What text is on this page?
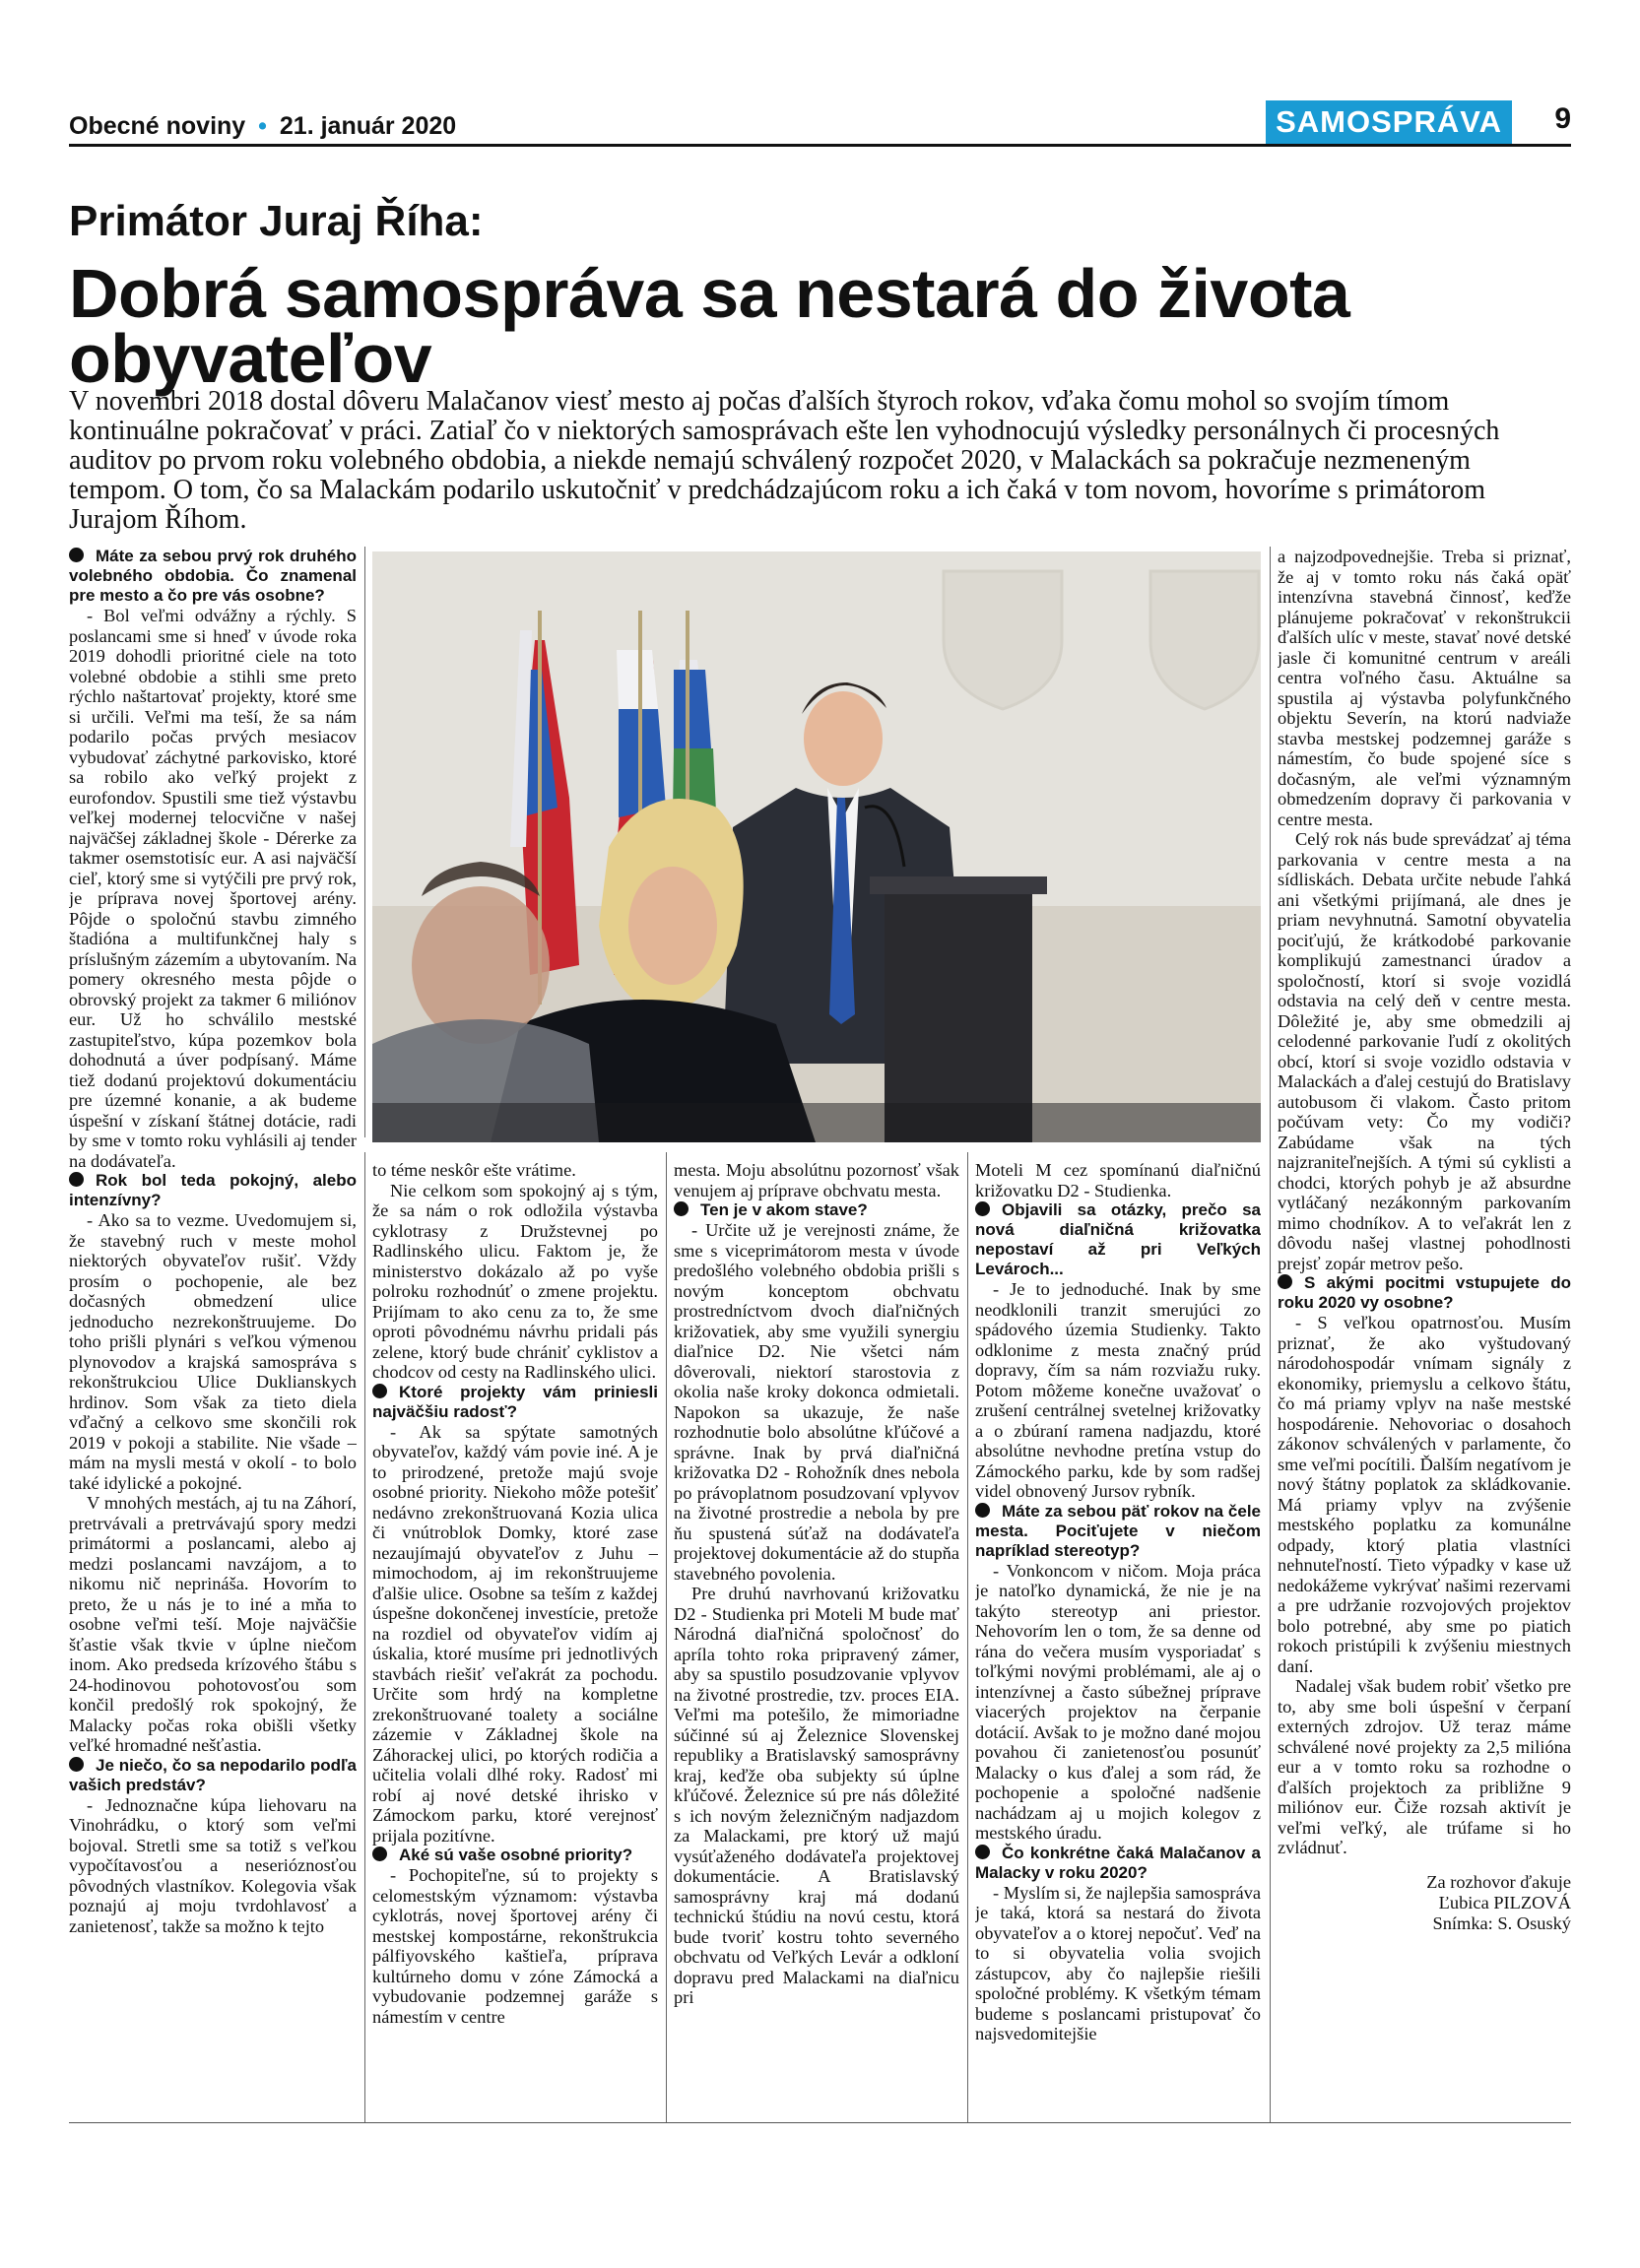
Obecné noviny • 21. január 2020	SAMOSPRÁVA	9
Primátor Juraj Říha:
Dobrá samospráva sa nestará do života obyvateľov

V novembri 2018 dostal dôveru Malačanov viesť mesto aj počas ďalších štyroch rokov, vďaka čomu mohol so svojím tímom kontinuálne pokračovať v práci. Zatiaľ čo v niektorých samosprávach ešte len vyhodnocujú výsledky personálnych či procesných auditov po prvom roku volebného obdobia, a niekde nemajú schválený rozpočet 2020, v Malackách sa pokračuje nezmeneným tempom. O tom, čo sa Malackám podarilo uskutočniť v predchádzajúcom roku a ich čaká v tom novom, hovoríme s primátorom Jurajom Říhom.

Máte za sebou prvý rok druhého volebného obdobia. Čo znamenal pre mesto a čo pre vás osobne?

- Bol veľmi odvážny a rýchly. S poslancami sme si hneď v úvode roka 2019 dohodli prioritné ciele na toto volebné obdobie a stihli sme preto rýchlo naštartovať projekty, ktoré sme si určili. Veľmi ma teší, že sa nám podarilo počas prvých mesiacov vybudovať záchytné parkovisko, ktoré sa robilo ako veľký projekt z eurofondov. Spustili sme tiež výstavbu veľkej modernej telocvične v našej najväčšej základnej škole - Dérerke za takmer osemstotisíc eur. A asi najväčší cieľ, ktorý sme si vytýčili pre prvý rok, je príprava novej športovej arény. Pôjde o spoločnú stavbu zimného štadióna a multifunkčnej haly s príslušným zázemím a ubytovaním. Na pomery okresného mesta pôjde o obrovský projekt za takmer 6 miliónov eur. Už ho schválilo mestské zastupiteľstvo, kúpa pozemkov bola dohodnutá a úver podpísaný. Máme tiež dodanú projektovú dokumentáciu pre územné konanie, a ak budeme úspešní v získaní štátnej dotácie, radi by sme v tomto roku vyhlásili aj tender na dodávateľa.

Rok bol teda pokojný, alebo intenzívny?

- Ako sa to vezme. Uvedomujem si, že stavebný ruch v meste mohol niektorých obyvateľov rušiť. Vždy prosím o pochopenie, ale bez dočasných obmedzení ulice jednoducho nezrekonštruujeme. Do toho prišli plynári s veľkou výmenou plynovodov a krajská samospráva s rekonštrukciou Ulice Duklianskych hrdinov. Som však za tieto diela vďačný a celkovo sme skončili rok 2019 v pokoji a stabilite. Nie všade – mám na mysli mestá v okolí - to bolo také idylické a pokojné.

V mnohých mestách, aj tu na Záhorí, pretrvávali a pretrvávajú spory medzi primátormi a poslancami, alebo aj medzi poslancami navzájom, a to nikomu nič neprináša. Hovorím to preto, že u nás je to iné a mňa to osobne veľmi teší. Moje najväčšie šťastie však tkvie v úplne niečom inom. Ako predseda krízového štábu s 24-hodinovou pohotovosťou som končil predošlý rok spokojný, že Malacky počas roka obišli všetky veľké hromadné nešťastia.

Je niečo, čo sa nepodarilo podľa vašich predstáv?

- Jednoznačne kúpa liehovaru na Vinohrádku, o ktorý som veľmi bojoval. Stretli sme sa totiž s veľkou vypočítavosťou a neserióznosťou pôvodných vlastníkov. Kolegovia však poznajú aj moju tvrdohlavosť a zanietenosť, takže sa možno k tejto

to téme neskôr ešte vrátime.

Nie celkom som spokojný aj s tým, že sa nám o rok odložila výstavba cyklotrasy z Družstevnej po Radlinského ulicu. Faktom je, že ministerstvo dokázalo až po vyše polroku rozhodnúť o zmene projektu. Prijímam to ako cenu za to, že sme oproti pôvodnému návrhu pridali pás zelene, ktorý bude chrániť cyklistov a chodcov od cesty na Radlinského ulici.

Ktoré projekty vám priniesli najväčšiu radosť?

- Ak sa spýtate samotných obyvateľov, každý vám povie iné. A je to prirodzené, pretože majú svoje osobné priority. Niekoho môže potešiť nedávno zrekonštruovaná Kozia ulica či vnútroblok Domky, ktoré zase nezaujímajú obyvateľov z Juhu – mimochodom, aj im rekonštruujeme ďalšie ulice. Osobne sa teším z každej úspešne dokončenej investície, pretože na rozdiel od obyvateľov vidím aj úskalia, ktoré musíme pri jednotlivých stavbách riešiť veľakrát za pochodu. Určite som hrdý na kompletne zrekonštruované toalety a sociálne zázemie v Základnej škole na Záhorackej ulici, po ktorých rodičia a učitelia volali dlhé roky. Radosť mi robí aj nové detské ihrisko v Zámockom parku, ktoré verejnosť prijala pozitívne.

Aké sú vaše osobné priority?

- Pochopiteľne, sú to projekty s celomestským významom: výstavba cyklotrás, novej športovej arény či mestskej kompostárne, rekonštrukcia pálfiyovského kaštieľa, príprava kultúrneho domu v zóne Zámocká a vybudovanie podzemnej garáže s námestím v centre

mesta. Moju absolútnu pozornosť však venujem aj príprave obchvatu mesta.

Ten je v akom stave?

- Určite už je verejnosti známe, že sme s viceprimátorom mesta v úvode predošlého volebného obdobia prišli s novým konceptom obchvatu prostredníctvom dvoch diaľničných križovatiek, aby sme využili synergiu diaľnice D2. Nie všetci nám dôverovali, niektorí starostovia z okolia naše kroky dokonca odmietali. Napokon sa ukazuje, že naše rozhodnutie bolo absolútne kľúčové a správne. Inak by prvá diaľničná križovatka D2 - Rohožník dnes nebola po právoplatnom posudzovaní vplyvov na životné prostredie a nebola by pre ňu spustená súťaž na dodávateľa projektovej dokumentácie až do stupňa stavebného povolenia.

Pre druhú navrhovanú križovatku D2 - Studienka pri Moteli M bude mať Národná diaľničná spoločnosť do apríla tohto roka pripravený zámer, aby sa spustilo posudzovanie vplyvov na životné prostredie, tzv. proces EIA. Veľmi ma potešilo, že mimoriadne súčinné sú aj Železnice Slovenskej republiky a Bratislavský samosprávny kraj, keďže oba subjekty sú úplne kľúčové. Železnice sú pre nás dôležité s ich novým železničným nadjazdom za Malackami, pre ktorý už majú vysúťaženého dodávateľa projektovej dokumentácie. A Bratislavský samosprávny kraj má dodanú technickú štúdiu na novú cestu, ktorá bude tvoriť kostru tohto severného obchvatu od Veľkých Levár a odkloní dopravu pred Malackami na diaľnicu pri

Moteli M cez spomínanú diaľničnú križovatku D2 - Studienka.

Objavili sa otázky, prečo sa nová diaľničná križovatka nepostaví až pri Veľkých Levároch...

- Je to jednoduché. Inak by sme neodklonili tranzit smerujúci zo spádového územia Studienky. Takto odklonime z mesta značný prúd dopravy, čím sa nám rozviažu ruky. Potom môžeme konečne uvažovať o zrušení centrálnej svetelnej križovatky a o zbúraní ramena nadjazdu, ktoré absolútne nevhodne pretína vstup do Zámockého parku, kde by som radšej videl obnovený Jursov rybník.

Máte za sebou päť rokov na čele mesta. Pociťujete v niečom napríklad stereotyp?

- Vonkoncom v ničom. Moja práca je natoľko dynamická, že nie je na takýto stereotyp ani priestor. Nehovorím len o tom, že sa denne od rána do večera musím vysporiadať s toľkými novými problémami, ale aj o intenzívnej a často súbežnej príprave viacerých projektov na čerpanie dotácií. Avšak to je možno dané mojou povahou či zanietenosťou posunúť Malacky o kus ďalej a som rád, že pochopenie a spoločné nadšenie nachádzam aj u mojich kolegov z mestského úradu.

Čo konkrétne čaká Malačanov a Malacky v roku 2020?

- Myslím si, že najlepšia samospráva je taká, ktorá sa nestará do života obyvateľov a o ktorej nepočuť. Veď na to si obyvatelia volia svojich zástupcov, aby čo najlepšie riešili spoločné problémy. K všetkým témam budeme s poslancami pristupovať čo najsvedomitejšie

a najzodpovednejšie. Treba si priznať, že aj v tomto roku nás čaká opäť intenzívna stavebná činnosť, keďže plánujeme pokračovať v rekonštrukcii ďalších ulíc v meste, stavať nové detské jasle či komunitné centrum v areáli centra voľného času. Aktuálne sa spustila aj výstavba polyfunkčného objektu Severín, na ktorú nadviaže stavba mestskej podzemnej garáže s námestím, čo bude spojené síce s dočasným, ale veľmi významným obmedzením dopravy či parkovania v centre mesta.

Celý rok nás bude sprevádzať aj téma parkovania v centre mesta a na sídliskách. Debata určite nebude ľahká ani všetkými prijímaná, ale dnes je priam nevyhnutná. Samotní obyvatelia pociťujú, že krátkodobé parkovanie komplikujú zamestnanci úradov a spoločností, ktorí si svoje vozidlá odstavia na celý deň v centre mesta. Dôležité je, aby sme obmedzili aj celodenné parkovanie ľudí z okolitých obcí, ktorí si svoje vozidlo odstavia v Malackách a ďalej cestujú do Bratislavy autobusom či vlakom. Často pritom počúvam vety: Čo my vodiči? Zabúdame však na tých najzraniteľnejších. A tými sú cyklisti a chodci, ktorých pohyb je až absurdne vytláčaný nezákonným parkovaním mimo chodníkov. A to veľakrát len z dôvodu našej vlastnej pohodlnosti prejsť zopár metrov pešo.

S akými pocitmi vstupujete do roku 2020 vy osobne?

- S veľkou opatrnosťou. Musím priznať, že ako vyštudovaný národohospodár vnímam signály z ekonomiky, priemyslu a celkovo štátu, čo má priamy vplyv na naše mestské hospodárenie. Nehovoriac o dosahoch zákonov schválených v parlamente, čo sme veľmi pocítili. Ďalším negatívom je nový štátny poplatok za skládkovanie. Má priamy vplyv na zvýšenie mestského poplatku za komunálne odpady, ktorý platia vlastníci nehnuteľností. Tieto výpadky v kase už nedokážeme vykrývať našimi rezervami a pre udržanie rozvojových projektov bolo potrebné, aby sme po piatich rokoch pristúpili k zvýšeniu miestnych daní.

Nadalej však budem robiť všetko pre to, aby sme boli úspešní v čerpaní externých zdrojov. Už teraz máme schválené nové projekty za 2,5 milióna eur a v tomto roku sa rozhodne o ďalších projektoch za približne 9 miliónov eur. Čiže rozsah aktivít je veľmi veľký, ale trúfame si ho zvládnuť.

Za rozhovor ďakuje
Ľubica PILZOVÁ
Snímka: S. Osuský
